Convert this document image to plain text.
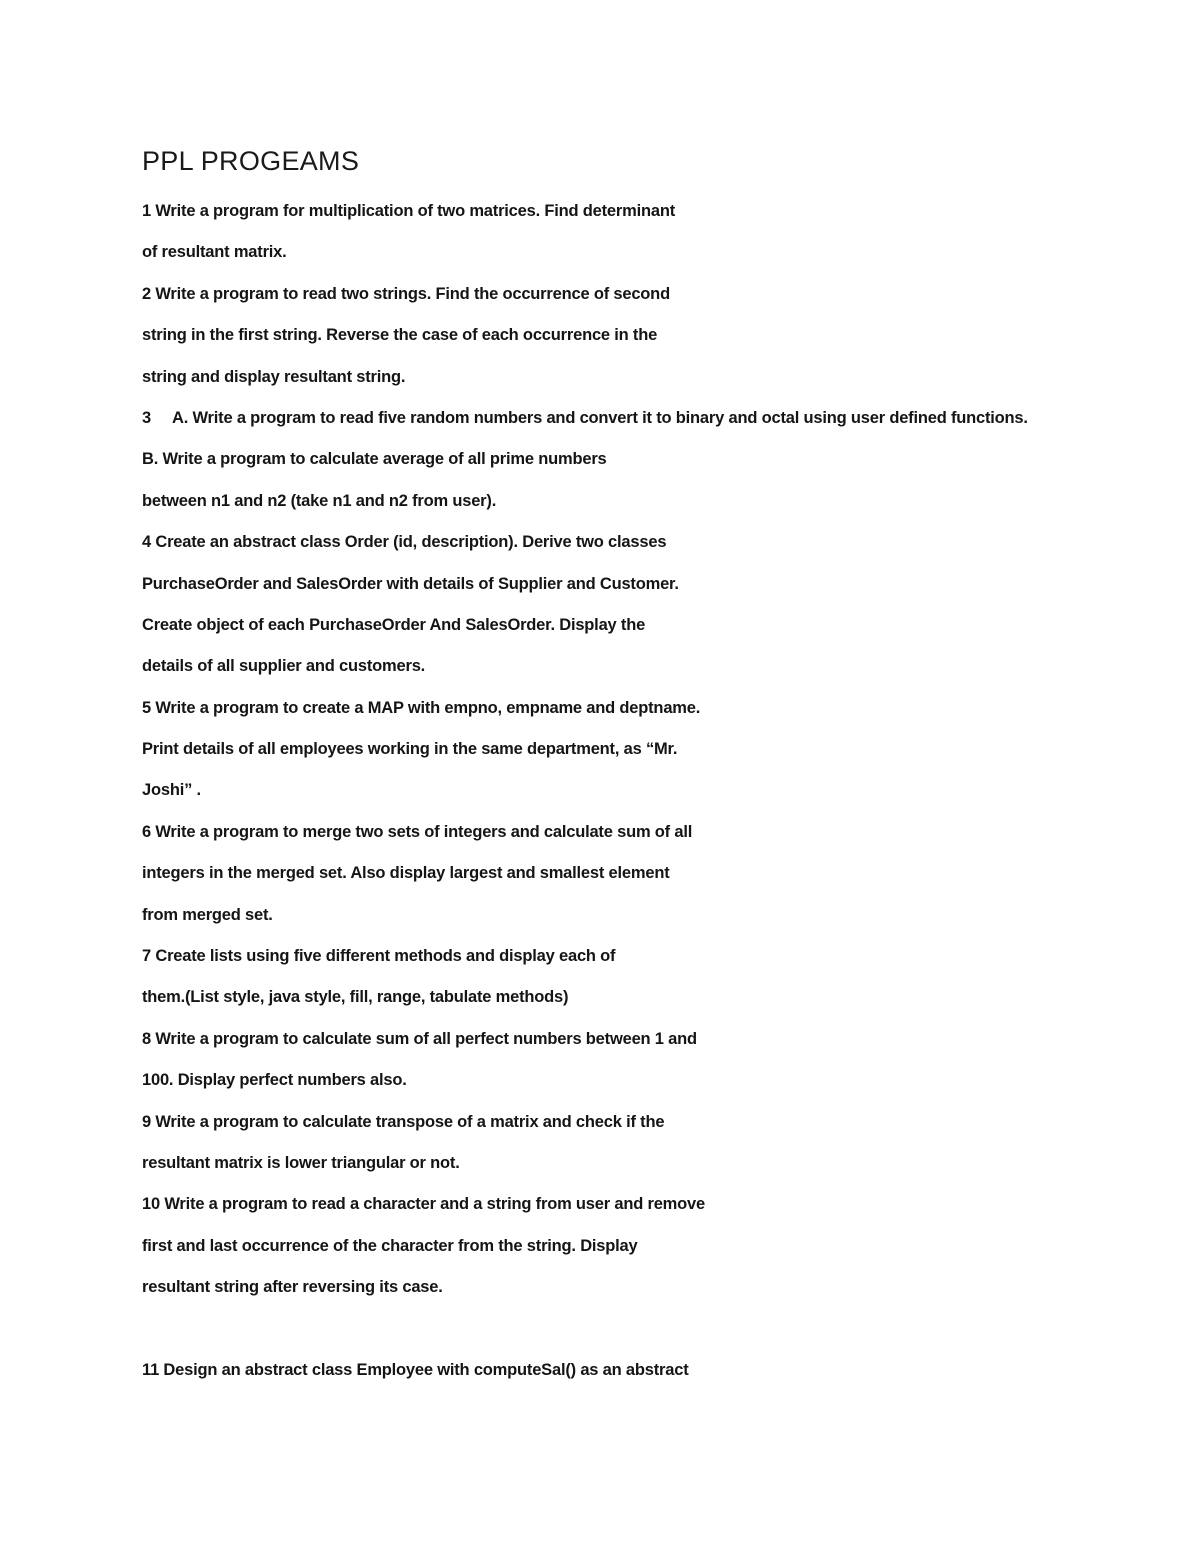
PPL PROGEAMS
1 Write a program for multiplication of two matrices. Find determinant
of resultant matrix.
2 Write a program to read two strings. Find the occurrence of second
string in the first string. Reverse the case of each occurrence in the
string and display resultant string.
3 A. Write a program to read five random numbers and convert it to binary and octal using user defined functions.
B. Write a program to calculate average of all prime numbers
between n1 and n2 (take n1 and n2 from user).
4 Create an abstract class Order (id, description). Derive two classes
PurchaseOrder and SalesOrder with details of Supplier and Customer.
Create object of each PurchaseOrder And SalesOrder. Display the
details of all supplier and customers.
5 Write a program to create a MAP with empno, empname and deptname.
Print details of all employees working in the same department, as “Mr.
Joshi” .
6 Write a program to merge two sets of integers and calculate sum of all
integers in the merged set. Also display largest and smallest element
from merged set.
7 Create lists using five different methods and display each of
them.(List style, java style, fill, range, tabulate methods)
8 Write a program to calculate sum of all perfect numbers between 1 and
100. Display perfect numbers also.
9 Write a program to calculate transpose of a matrix and check if the
resultant matrix is lower triangular or not.
10 Write a program to read a character and a string from user and remove
first and last occurrence of the character from the string. Display
resultant string after reversing its case.
11 Design an abstract class Employee with computeSal() as an abstract
